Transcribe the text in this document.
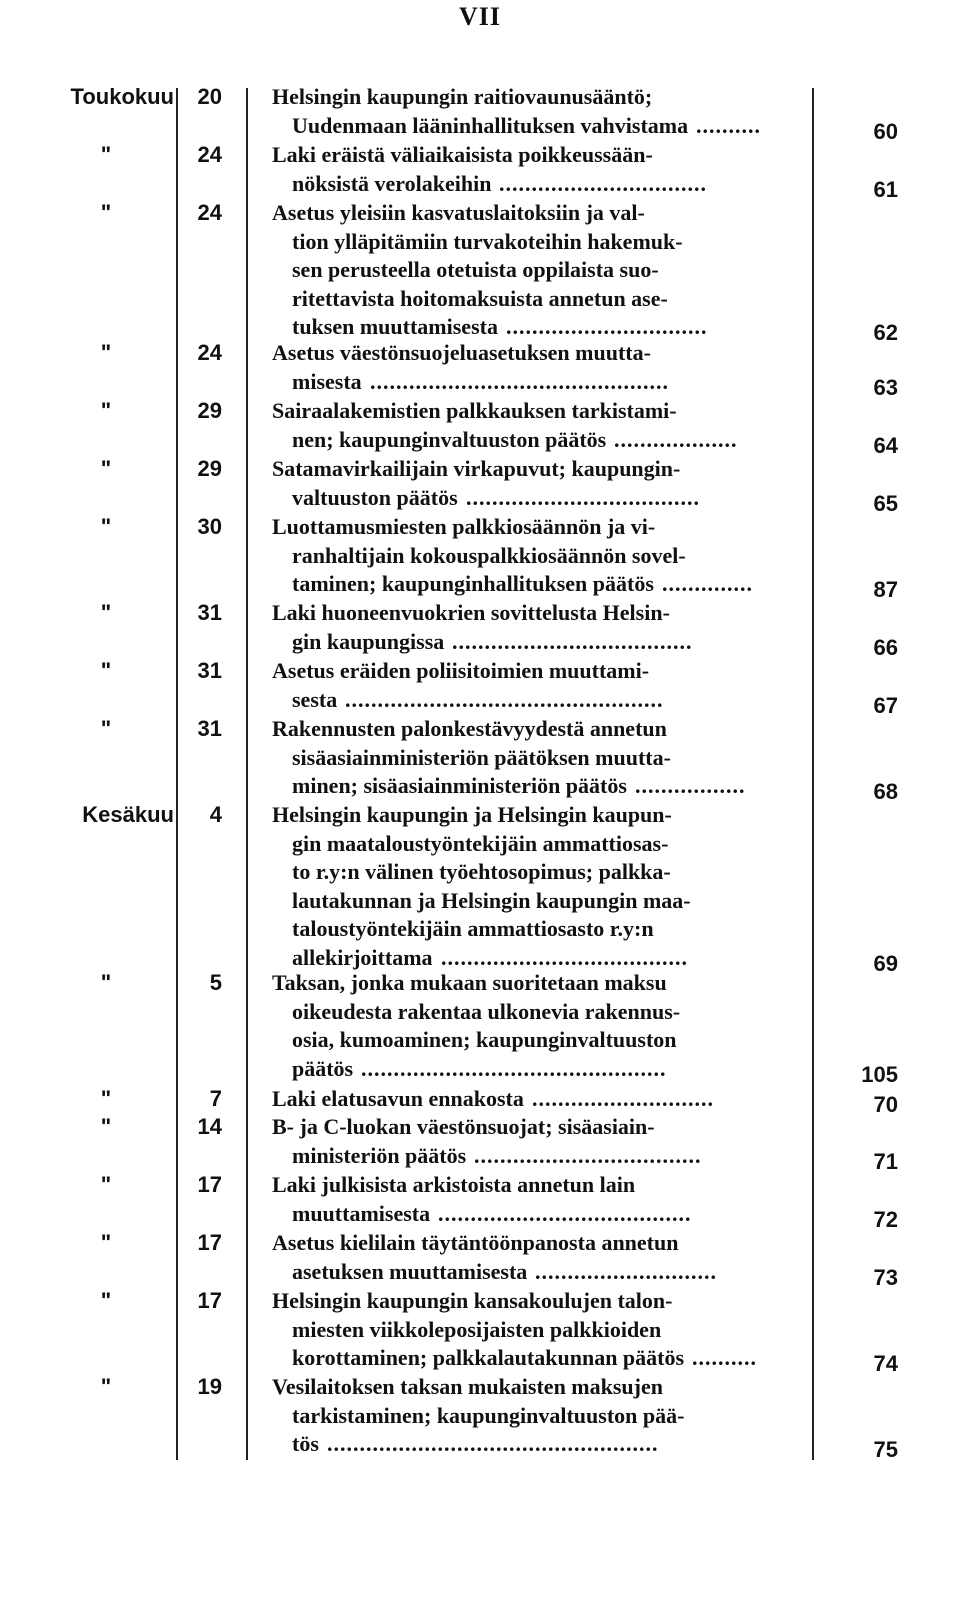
VII
Toukokuu 20 Helsingin kaupungin raitiovaunusääntö;
Uudenmaan lääninhallituksen vahvistama	60
..........
"	24 Laki eräistä väliaikaisista poikkeussään-
nöksistä verolakeihin	61
................................
"	24 Asetus yleisiin kasvatuslaitoksiin ja val-
tion ylläpitämiin turvakoteihin hakemuk-
sen perusteella otetuista oppilaista suo-
ritettavista hoitomaksuista annetun ase-
tuksen muuttamisesta	62
...............................
"	24 Asetus väestönsuojeluasetuksen muutta-
misesta	63
..............................................
"	29 Sairaalakemistien palkkauksen tarkistami-
nen; kaupunginvaltuuston päätös	64
...................
"	29 Satamavirkailijain virkapuvut; kaupungin-
valtuuston päätös	65
....................................
"	30 Luottamusmiesten palkkiosäännön ja vi-
ranhaltijain kokouspalkkiosäännön sovel-
taminen; kaupunginhallituksen päätös	87
..............
"	31 Laki huoneenvuokrien sovittelusta Helsin-
gin kaupungissa	66
.....................................
"	31 Asetus eräiden poliisitoimien muuttami-
sesta	67
.................................................
"	31 Rakennusten palonkestävyydestä annetun
sisäasiainministeriön päätöksen muutta-
minen; sisäasiainministeriön päätös	68
.................
Kesäkuu 4 Helsingin kaupungin ja Helsingin kaupun-
gin maataloustyöntekijäin ammattiosas-
to r.y:n välinen työehtosopimus; palkka-
lautakunnan ja Helsingin kaupungin maa-
taloustyöntekijäin ammattiosasto r.y:n
allekirjoittama	69
......................................
"	5 Taksan, jonka mukaan suoritetaan maksu
oikeudesta rakentaa ulkonevia rakennus-
osia, kumoaminen; kaupunginvaltuuston
päätös	105
...............................................
"	7 Laki elatusavun ennakosta	70
............................
"	14 B- ja C-luokan väestönsuojat; sisäasiain-
ministeriön päätös	71
...................................
"	17 Laki julkisista arkistoista annetun lain
muuttamisesta	72
.......................................
"	17 Asetus kielilain täytäntöönpanosta annetun
asetuksen muuttamisesta	73
............................
"	17 Helsingin kaupungin kansakoulujen talon-
miesten viikkoleposijaisten palkkioiden
korottaminen; palkkalautakunnan päätös	74
..........
"	19 Vesilaitoksen taksan mukaisten maksujen
tarkistaminen; kaupunginvaltuuston pää-
tös	75
...................................................
